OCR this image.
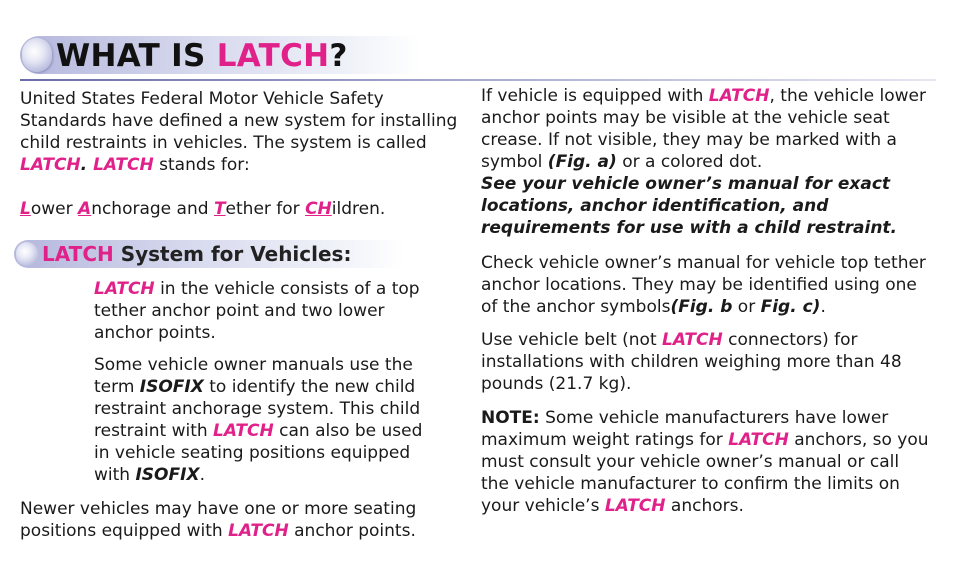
WHAT IS LATCH?

United States Federal Motor Vehicle Safety Standards have defined a new system for installing child restraints in vehicles. The system is called LATCH. LATCH stands for:

Lower Anchorage and Tether for CHildren.

LATCH System for Vehicles:

LATCH in the vehicle consists of a top tether anchor point and two lower anchor points.

Some vehicle owner manuals use the term ISOFIX to identify the new child restraint anchorage system. This child restraint with LATCH can also be used in vehicle seating positions equipped with ISOFIX.

Newer vehicles may have one or more seating positions equipped with LATCH anchor points.

If vehicle is equipped with LATCH, the vehicle lower anchor points may be visible at the vehicle seat crease. If not visible, they may be marked with a symbol (Fig. a) or a colored dot.
See your vehicle owner’s manual for exact locations, anchor identification, and requirements for use with a child restraint.

Check vehicle owner’s manual for vehicle top tether anchor locations. They may be identified using one of the anchor symbols(Fig. b or Fig. c).

Use vehicle belt (not LATCH connectors) for installations with children weighing more than 48 pounds (21.7 kg).

NOTE: Some vehicle manufacturers have lower maximum weight ratings for LATCH anchors, so you must consult your vehicle owner’s manual or call the vehicle manufacturer to confirm the limits on your vehicle’s LATCH anchors.
